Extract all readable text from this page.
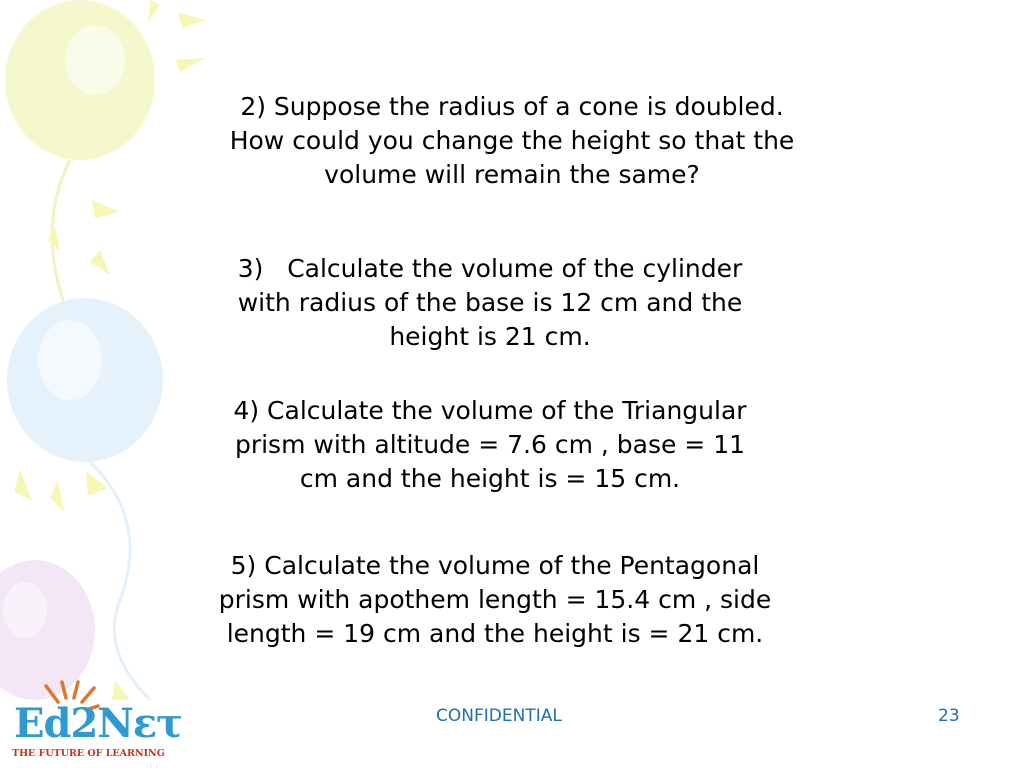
2) Suppose the radius of a cone is doubled.
How could you change the height so that the
volume will remain the same?
3)   Calculate the volume of the cylinder
with radius of the base is 12 cm and the
height is 21 cm.
4) Calculate the volume of the Triangular
prism with altitude = 7.6 cm , base = 11
cm and the height is = 15 cm.
5) Calculate the volume of the Pentagonal
prism with apothem length = 15.4 cm , side
length = 19 cm and the height is = 21 cm.
Ed2Nετ
THE FUTURE OF LEARNING
CONFIDENTIAL	23
